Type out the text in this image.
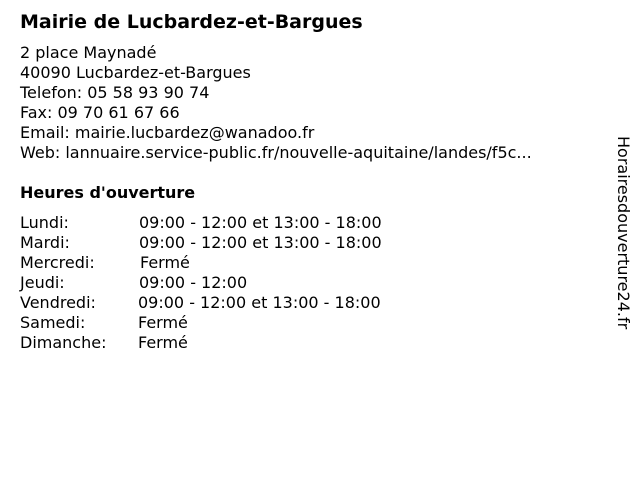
Mairie de Lucbardez-et-Bargues
2 place Maynadé
40090 Lucbardez-et-Bargues
Telefon: 05 58 93 90 74
Fax: 09 70 61 67 66
Email: mairie.lucbardez@wanadoo.fr
Web: lannuaire.service-public.fr/nouvelle-aquitaine/landes/f5c...
Heures d'ouverture
Lundi:	09:00 - 12:00 et 13:00 - 18:00
Mardi:	09:00 - 12:00 et 13:00 - 18:00
Mercredi:	Fermé
Jeudi:	09:00 - 12:00
Vendredi:	09:00 - 12:00 et 13:00 - 18:00
Samedi:	Fermé
Dimanche: Fermé
Horairesdouverture24.fr
